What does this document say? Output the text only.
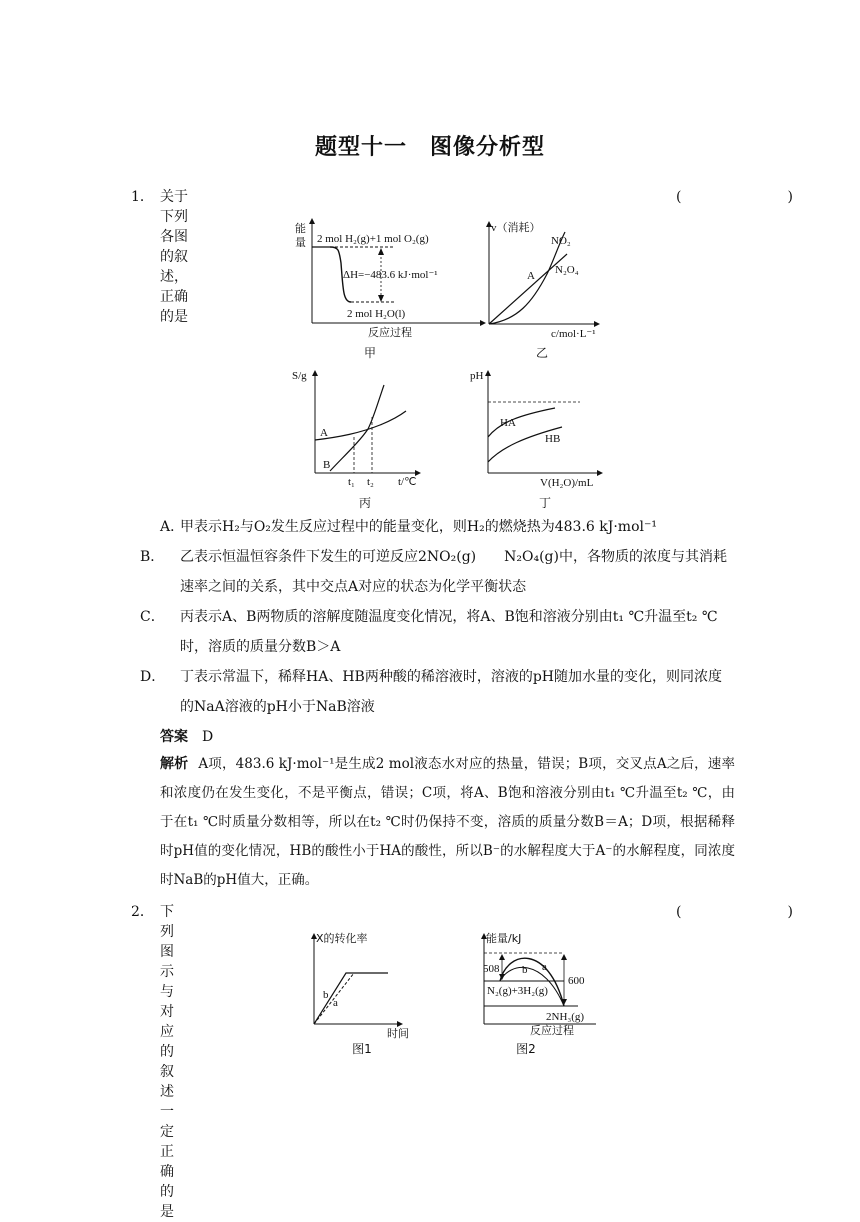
题型十一　图像分析型
1． 关于下列各图的叙述，正确的是
(　　)
能
量 2 mol H₂(g)+1 mol O₂(g)
ΔH=−483.6 kJ·mol⁻¹
2 mol H₂O(l)
反应过程
甲
v（消耗）
NO₂
N₂O₄
A
c/mol·L⁻¹
乙
S/g
A
B
t₁ t₂ t/℃
丙
pH
HA
HB
V(H₂O)/mL
丁
A．甲表示H₂与O₂发生反应过程中的能量变化，则H₂的燃烧热为483.6 kJ·mol⁻¹
B． 乙表示恒温恒容条件下发生的可逆反应2NO₂(g)　　N₂O₄(g)中，各物质的浓度与其消耗速率之间的关系，其中交点A对应的状态为化学平衡状态
C． 丙表示A、B两物质的溶解度随温度变化情况，将A、B饱和溶液分别由t₁ ℃升温至t₂ ℃时，溶质的质量分数B＞A
D． 丁表示常温下，稀释HA、HB两种酸的稀溶液时，溶液的pH随加水量的变化，则同浓度的NaA溶液的pH小于NaB溶液
答案 D
解析 A项，483.6 kJ·mol⁻¹是生成2 mol液态水对应的热量，错误；B项，交叉点A之后，速率和浓度仍在发生变化，不是平衡点，错误；C项，将A、B饱和溶液分别由t₁ ℃升温至t₂ ℃，由于在t₁ ℃时质量分数相等，所以在t₂ ℃时仍保持不变，溶质的质量分数B＝A；D项，根据稀释时pH值的变化情况，HB的酸性小于HA的酸性，所以B⁻的水解程度大于A⁻的水解程度，同浓度时NaB的pH值大，正确。
2． 下列图示与对应的叙述一定正确的是
(　　)
X的转化率
b
a
时间
图1
能量/kJ
508
600
a
b
N₂(g)+3H₂(g)
2NH₃(g)
反应过程
图2
